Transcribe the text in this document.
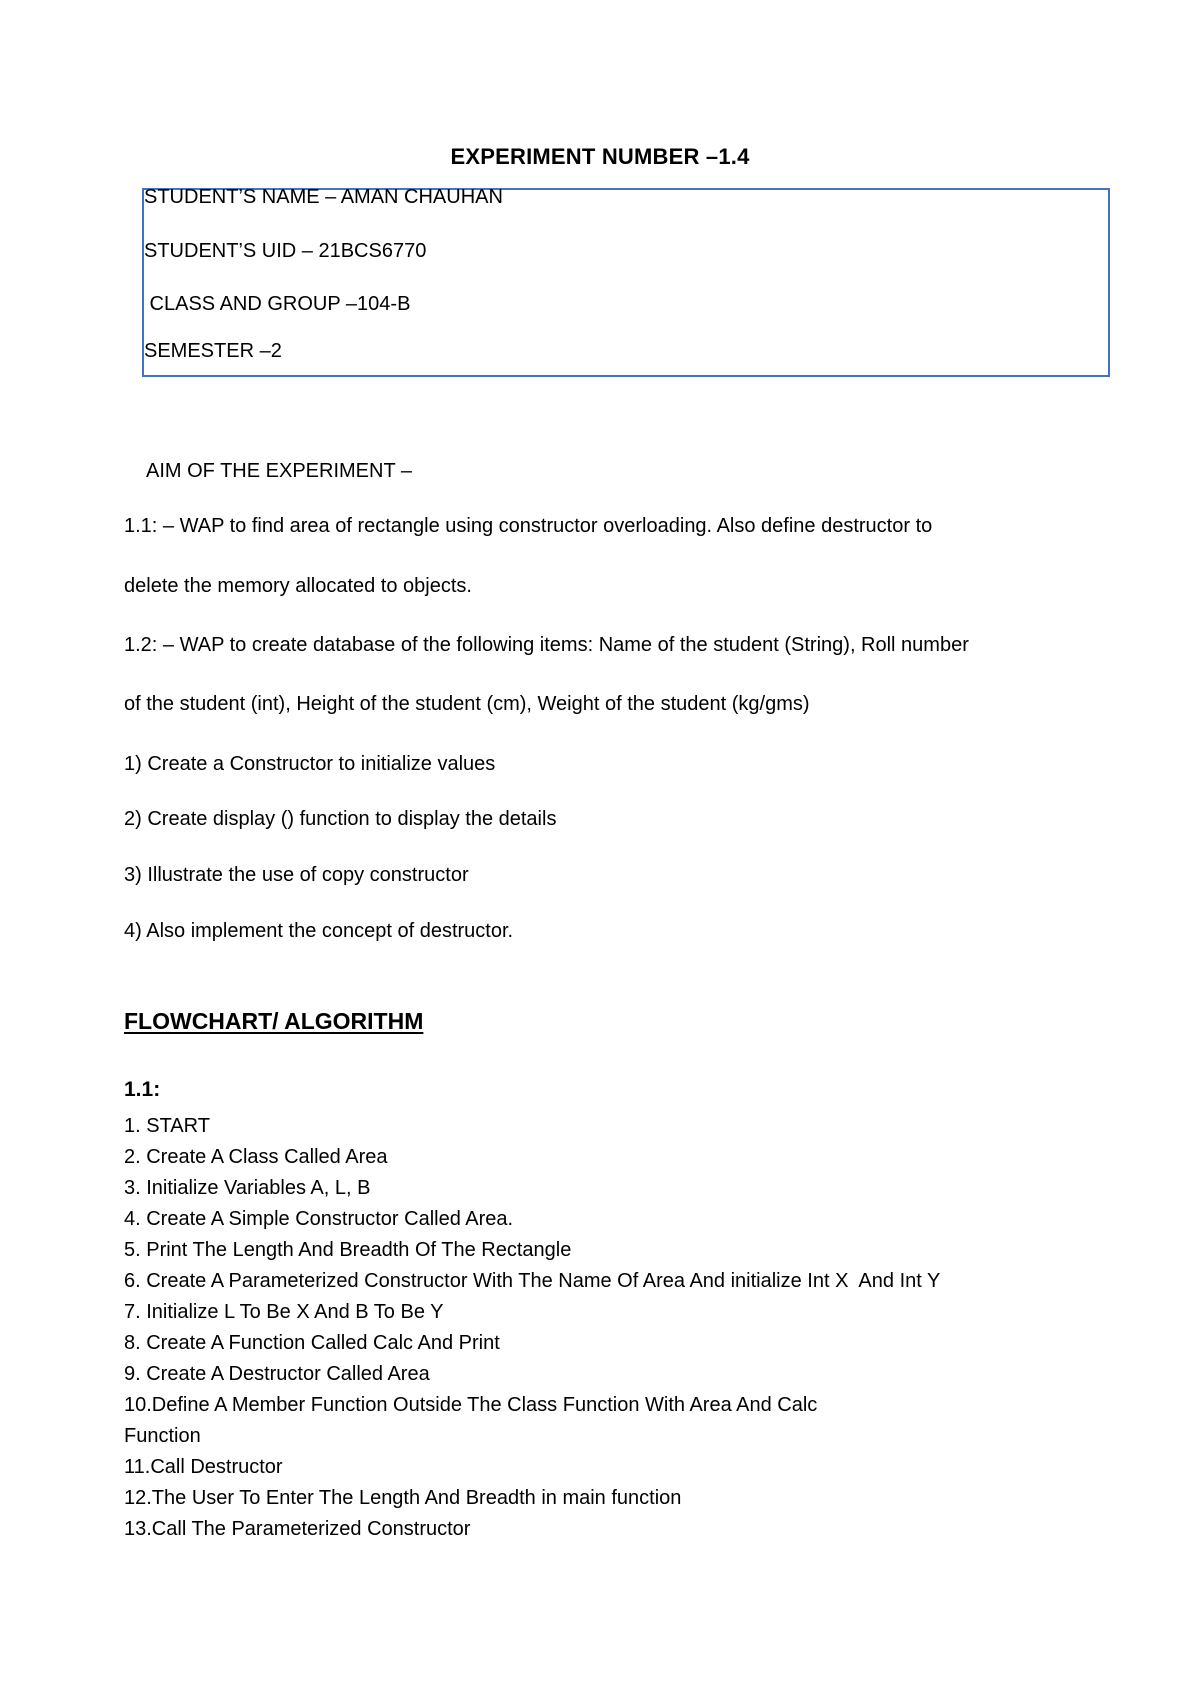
EXPERIMENT NUMBER –1.4
STUDENT’S NAME – AMAN CHAUHAN
STUDENT’S UID – 21BCS6770
CLASS AND GROUP –104-B
SEMESTER –2
AIM OF THE EXPERIMENT –
1.1: – WAP to find area of rectangle using constructor overloading. Also define destructor to
delete the memory allocated to objects.
1.2: – WAP to create database of the following items: Name of the student (String), Roll number
of the student (int), Height of the student (cm), Weight of the student (kg/gms)
1) Create a Constructor to initialize values
2) Create display () function to display the details
3) Illustrate the use of copy constructor
4) Also implement the concept of destructor.
FLOWCHART/ ALGORITHM
1.1:
1. START
2. Create A Class Called Area
3. Initialize Variables A, L, B
4. Create A Simple Constructor Called Area.
5. Print The Length And Breadth Of The Rectangle
6. Create A Parameterized Constructor With The Name Of Area And initialize Int X  And Int Y
7. Initialize L To Be X And B To Be Y
8. Create A Function Called Calc And Print
9. Create A Destructor Called Area
10.Define A Member Function Outside The Class Function With Area And Calc
Function
11.Call Destructor
12.The User To Enter The Length And Breadth in main function
13.Call The Parameterized Constructor
